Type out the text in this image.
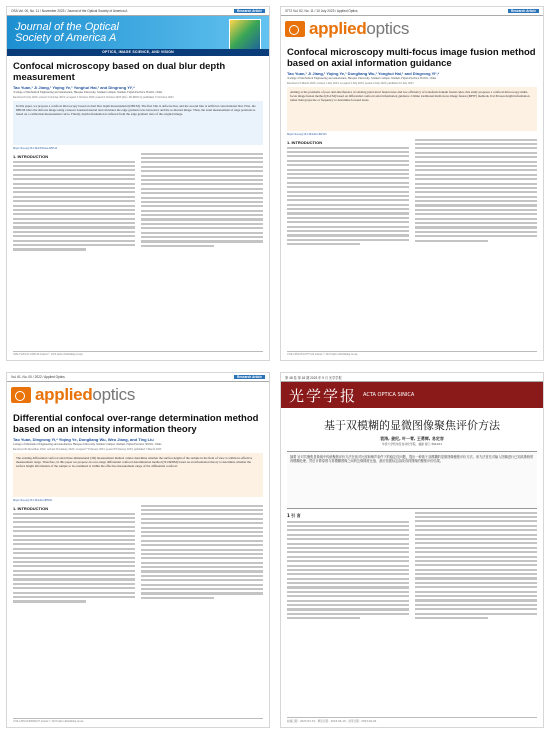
OSA Vol. 00, No. 11 / November 2023 / Journal of the Optical Society of America A	Research Article
Journal of the Optical Society of America A
OPTICS, IMAGE SCIENCE, AND VISION
Confocal microscopy based on dual blur depth measurement
Tao Yuan,¹ Ji Jiang,¹ Yiqing Ye,¹ Yonghui Hai,¹ and Dingrong Yi¹,*
¹College of Mechanical Engineering and Automation, Huaqiao University, Xiamen Campus, Xiamen, Fujian Province 361021, China
Received 6 July 2023; revised 3 October 2023; accepted 5 October 2023; posted 6 October 2023 (Doc. ID 499512); published 13 October 2023
In this paper, we propose a confocal microscopy based on dual blur depth measurement (DBCM). The first blur is defocus blur, and the second blur is artificial convolutional blur. First, the DBCM blurs the defocus image using a known Gaussian kernel and calculates the edge gradient ratio between it and the re-blurred image. Then, the axial measurement of edge positions is based on a calibration measurement curve. Finally, depth information is inferred from the edge gradient ratio of the original image.
https://doi.org/10.1364/JOSAA.499512
1. INTRODUCTION
1084-7529/23/111000-06 Journal © 2023 Optica Publishing Group
3772 Vol. 62, No. 11 / 10 July 2023 / Applied Optics	Research Article
appliedoptics
Confocal microscopy multi-focus image fusion method based on axial information guidance
Tao Yuan,¹ Ji Jiang,¹ Yiqing Ye,¹ Dongliang Wu,¹ Yonghui Hai,¹ and Dingrong Yi¹,*
¹College of Mechanical Engineering and Automation, Huaqiao University, Xiamen Campus, Xiamen, Fujian Province 361021, China
Received 21 March 2023; revised 1 July 2023; accepted 3 July 2023; posted 4 July 2023; published 10 July 2023
Aiming at the problems of poor anti-interference of existing pixel-level fusion rules and low efficiency of transform domain fusion rules, this study proposes a confocal microscopy multi-focus image fusion method (IGCM) based on differential confocal axial information guidance. Unlike traditional multi-focus image fusion (MFIF) methods, IGCM uses height information rather than grayscale or frequency to determine focused areas.
https://doi.org/10.1364/AO.492345
1. INTRODUCTION
1559-128X/23/203775-06 Journal © 2023 Optica Publishing Group
Vol. 61, No. 00 / 2022 / Applied Optics	Research Article
appliedoptics
Differential confocal over-range determination method based on an intensity information theory
Tao Yuan, Dingrong Yi,* Yiqing Ye, Dongliang Wu, Weo Jiang, and Ting Liu
College of Mechanical Engineering and Automation, Huaqiao University, Xiamen Campus, Xiamen, Fujian Province 361021, China
Received 26 December 2022; revised 26 January 2023; accepted 7 February 2023; posted 8 February 2023; published 7 March 2023
The existing differential confocal axial three-dimensional (3D) measurement method cannot determine whether the surface height of the sample in the field of view is within its effective measurement range. Therefore, in this paper we propose an over-range differential confocal determination method (IT-ORDM) based on an information theory to determine whether the surface height information of the sample to be examined is within the effective measurement range of the differential confocal.
https://doi.org/10.1364/AO.483621
1. INTRODUCTION
1559-128X/23/000000-07 Journal © 2023 Optica Publishing Group
第 48 卷 第 18 期 2023 年 9 月 光学学报
光学学报 ACTA OPTICA SINICA
基于双模糊的显微图像聚焦评价方法
袁涛, 姜纪, 叶一青, 王勇辉, 易定容
华侨大学机电及自动化学院，福建 厦门 361021
摘要 针对共聚焦显微镜中传统聚焦评价方法在低对比度和噪声条件下的稳定性问题，提出一种基于双模糊的显微图像聚焦评价方法。该方法首先对输入图像进行已知高斯核的再模糊处理，然后计算原图与再模糊图像之间的边缘梯度比值，最后依据标定曲线得到图像的聚焦评价结果。
1 引 言
收稿日期：2023-03-15；修回日期：2023-04-10；录用日期：2023-04-20
